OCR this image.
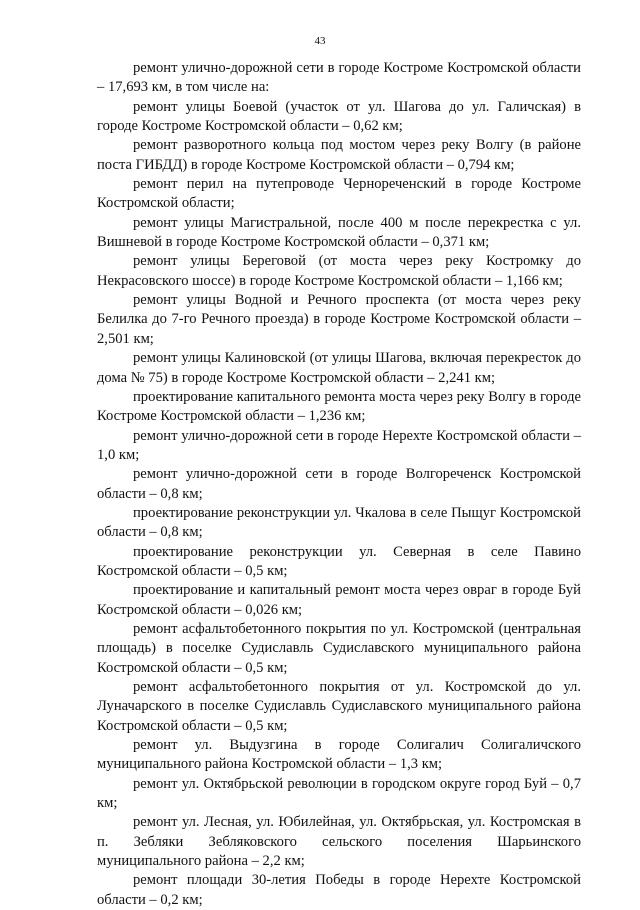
43

ремонт улично-дорожной сети в городе Костроме Костромской области – 17,693 км, в том числе на:

ремонт улицы Боевой (участок от ул. Шагова до ул. Галичская) в городе Костроме Костромской области – 0,62 км;

ремонт разворотного кольца под мостом через реку Волгу (в районе поста ГИБДД) в городе Костроме Костромской области – 0,794 км;

ремонт перил на путепроводе Чернореченский в городе Костроме Костромской области;

ремонт улицы Магистральной, после 400 м после перекрестка с ул. Вишневой в городе Костроме Костромской области – 0,371 км;

ремонт улицы Береговой (от моста через реку Костромку до Некрасовского шоссе) в городе Костроме Костромской области – 1,166 км;

ремонт улицы Водной и Речного проспекта (от моста через реку Белилка до 7-го Речного проезда) в городе Костроме Костромской области – 2,501 км;

ремонт улицы Калиновской (от улицы Шагова, включая перекресток до дома № 75) в городе Костроме Костромской области – 2,241 км;

проектирование капитального ремонта моста через реку Волгу в городе Костроме Костромской области – 1,236 км;

ремонт улично-дорожной сети в городе Нерехте Костромской области – 1,0 км;

ремонт улично-дорожной сети в городе Волгореченск Костромской области – 0,8 км;

проектирование реконструкции ул. Чкалова в селе Пыщуг Костромской области – 0,8 км;

проектирование реконструкции ул. Северная в селе Павино Костромской области – 0,5 км;

проектирование и капитальный ремонт моста через овраг в городе Буй Костромской области – 0,026 км;

ремонт асфальтобетонного покрытия по ул. Костромской (центральная площадь) в поселке Судиславль Судиславского муниципального района Костромской области – 0,5 км;

ремонт асфальтобетонного покрытия от ул. Костромской до ул. Луначарского в поселке Судиславль Судиславского муниципального района Костромской области – 0,5 км;

ремонт ул. Выдузгина в городе Солигалич Солигаличского муниципального района Костромской области – 1,3 км;

ремонт ул. Октябрьской революции в городском округе город Буй – 0,7 км;

ремонт ул. Лесная, ул. Юбилейная, ул. Октябрьская, ул. Костромская в п. Зебляки Зебляковского сельского поселения Шарьинского муниципального района – 2,2 км;

ремонт площади 30-летия Победы в городе Нерехте Костромской области – 0,2 км;
